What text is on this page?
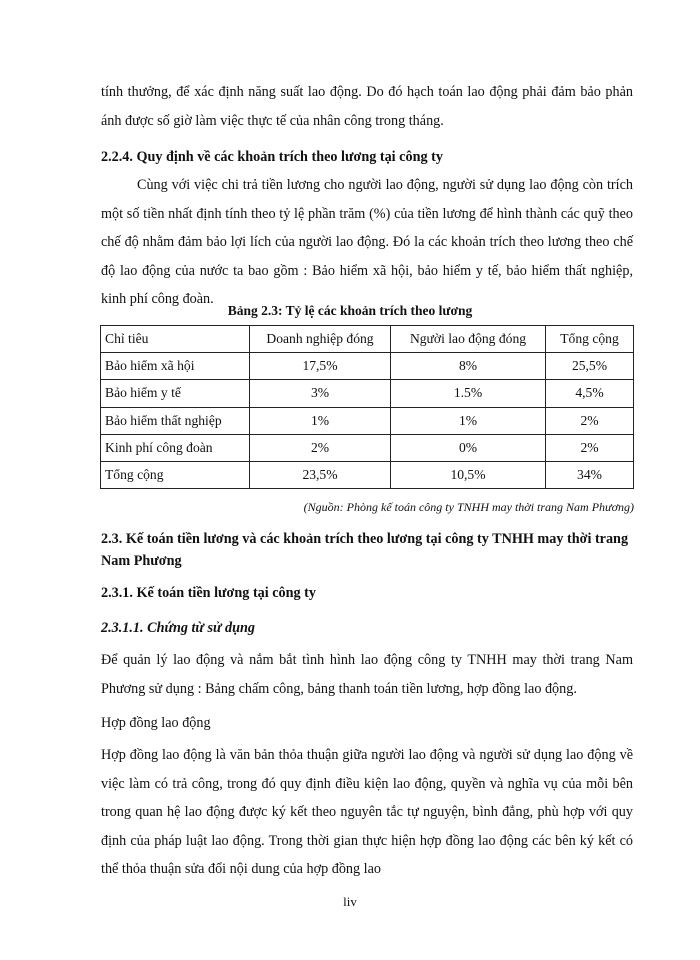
tính thưởng, để xác định năng suất lao động. Do đó hạch toán lao động phải đảm bảo phản ánh được số giờ làm việc thực tế của nhân công trong tháng.

2.2.4. Quy định về các khoản trích theo lương tại công ty

Cùng với việc chi trả tiền lương cho người lao động, người sử dụng lao động còn trích một số tiền nhất định tính theo tỷ lệ phần trăm (%) của tiền lương để hình thành các quỹ theo chế độ nhằm đảm bảo lợi lích của người lao động. Đó la các khoản trích theo lương theo chế độ lao động của nước ta bao gồm : Bảo hiểm xã hội, bảo hiểm y tế, bảo hiểm thất nghiệp, kinh phí công đoàn.

Bảng 2.3: Tỷ lệ các khoản trích theo lương

Chỉ tiêu	Doanh nghiệp đóng	Người lao động đóng	Tổng cộng
Bảo hiểm xã hội	17,5%	8%	25,5%
Bảo hiểm y tế	3%	1.5%	4,5%
Bảo hiểm thất nghiệp	1%	1%	2%
Kinh phí công đoàn	2%	0%	2%
Tổng cộng	23,5%	10,5%	34%

(Nguồn: Phòng kế toán công ty TNHH may thời trang Nam Phương)

2.3. Kế toán tiền lương và các khoản trích theo lương tại công ty TNHH may thời trang Nam Phương

2.3.1. Kế toán tiền lương tại công ty

2.3.1.1. Chứng từ sử dụng

Để quản lý lao động và nắm bắt tình hình lao động công ty TNHH may thời trang Nam Phương sử dụng : Bảng chấm công, bảng thanh toán tiền lương, hợp đồng lao động.

Hợp đồng lao động

Hợp đồng lao động là văn bản thỏa thuận giữa người lao động và người sử dụng lao động về việc làm có trả công, trong đó quy định điều kiện lao động, quyền và nghĩa vụ của mỗi bên trong quan hệ lao động được ký kết theo nguyên tắc tự nguyện, bình đẳng, phù hợp với quy định của pháp luật lao động. Trong thời gian thực hiện hợp đồng lao động các bên ký kết có thể thỏa thuận sửa đổi nội dung của hợp đồng lao

liv
